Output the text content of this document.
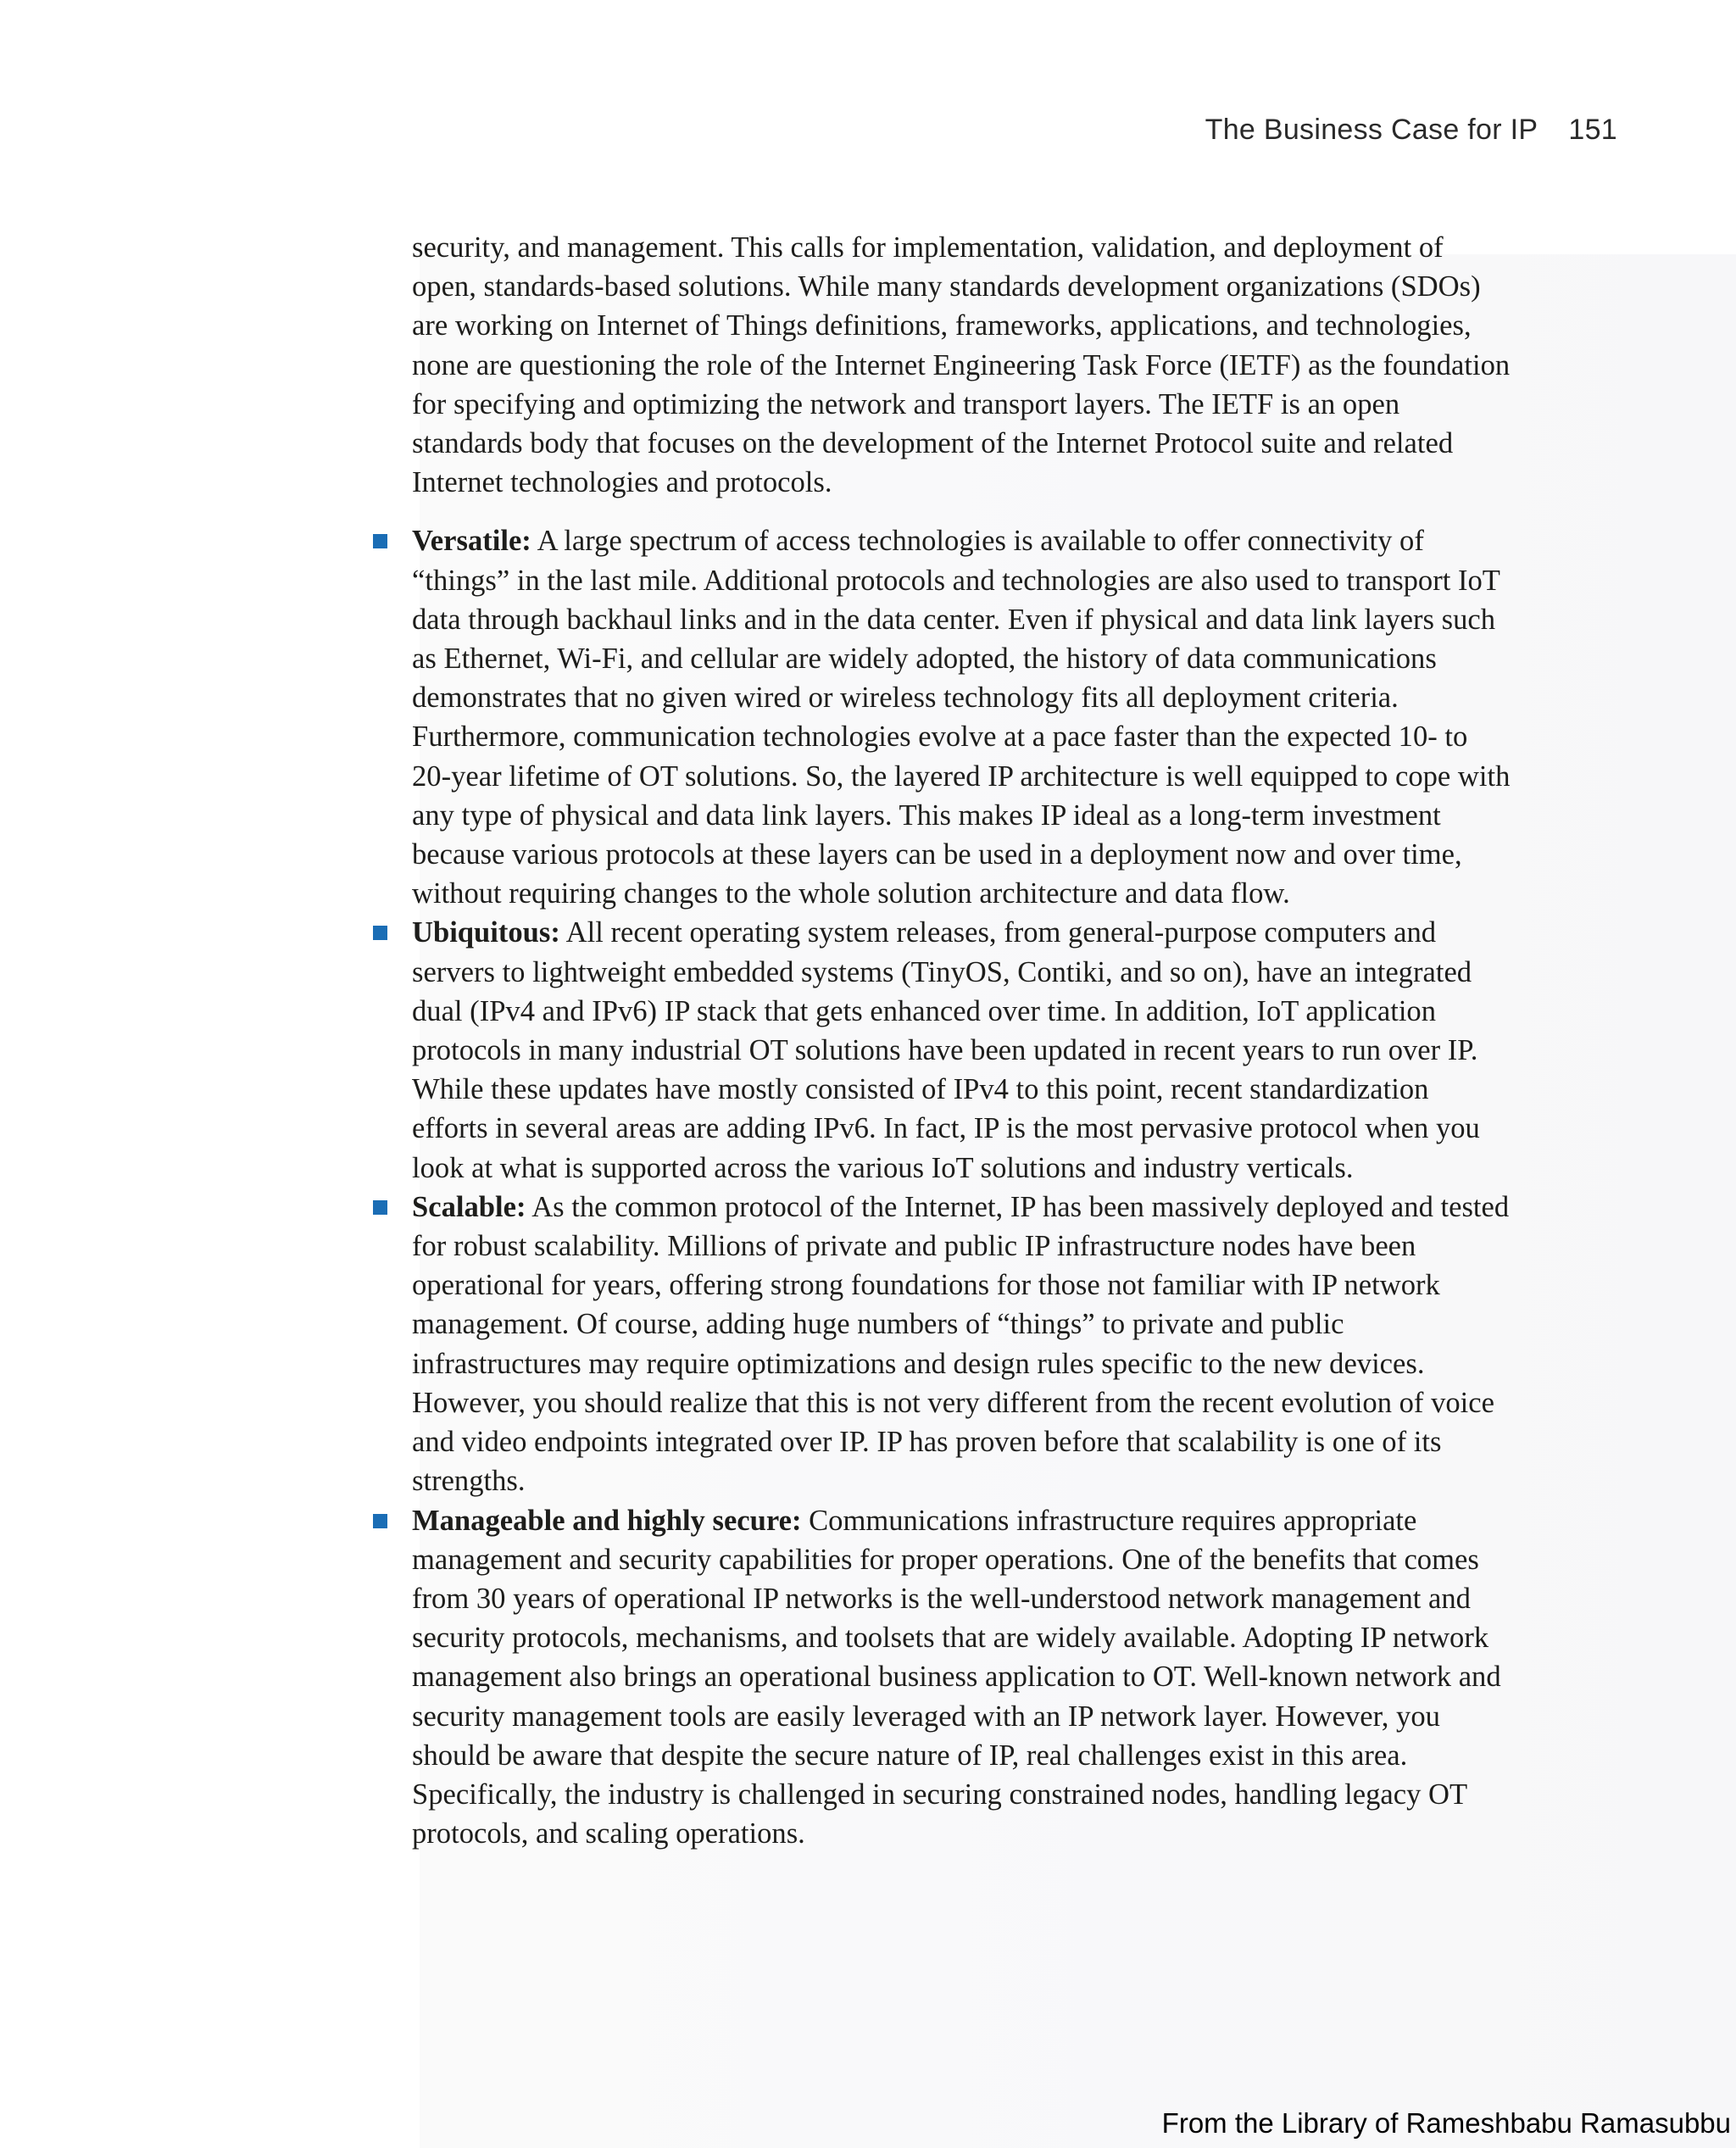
The Business Case for IP 151

security, and management. This calls for implementation, validation, and deployment of open, standards-based solutions. While many standards development organizations (SDOs) are working on Internet of Things definitions, frameworks, applications, and technologies, none are questioning the role of the Internet Engineering Task Force (IETF) as the foundation for specifying and optimizing the network and transport layers. The IETF is an open standards body that focuses on the development of the Internet Protocol suite and related Internet technologies and protocols.

Versatile: A large spectrum of access technologies is available to offer connectivity of “things” in the last mile. Additional protocols and technologies are also used to transport IoT data through backhaul links and in the data center. Even if physical and data link layers such as Ethernet, Wi-Fi, and cellular are widely adopted, the history of data communications demonstrates that no given wired or wireless technology fits all deployment criteria. Furthermore, communication technologies evolve at a pace faster than the expected 10- to 20-year lifetime of OT solutions. So, the layered IP architecture is well equipped to cope with any type of physical and data link layers. This makes IP ideal as a long-term investment because various protocols at these layers can be used in a deployment now and over time, without requiring changes to the whole solution architecture and data flow.

Ubiquitous: All recent operating system releases, from general-purpose computers and servers to lightweight embedded systems (TinyOS, Contiki, and so on), have an integrated dual (IPv4 and IPv6) IP stack that gets enhanced over time. In addition, IoT application protocols in many industrial OT solutions have been updated in recent years to run over IP. While these updates have mostly consisted of IPv4 to this point, recent standardization efforts in several areas are adding IPv6. In fact, IP is the most pervasive protocol when you look at what is supported across the various IoT solutions and industry verticals.

Scalable: As the common protocol of the Internet, IP has been massively deployed and tested for robust scalability. Millions of private and public IP infrastructure nodes have been operational for years, offering strong foundations for those not familiar with IP network management. Of course, adding huge numbers of “things” to private and public infrastructures may require optimizations and design rules specific to the new devices. However, you should realize that this is not very different from the recent evolution of voice and video endpoints integrated over IP. IP has proven before that scalability is one of its strengths.

Manageable and highly secure: Communications infrastructure requires appropriate management and security capabilities for proper operations. One of the benefits that comes from 30 years of operational IP networks is the well-understood network management and security protocols, mechanisms, and toolsets that are widely available. Adopting IP network management also brings an operational business application to OT. Well-known network and security management tools are easily leveraged with an IP network layer. However, you should be aware that despite the secure nature of IP, real challenges exist in this area. Specifically, the industry is challenged in securing constrained nodes, handling legacy OT protocols, and scaling operations.

From the Library of Rameshbabu Ramasubbu
